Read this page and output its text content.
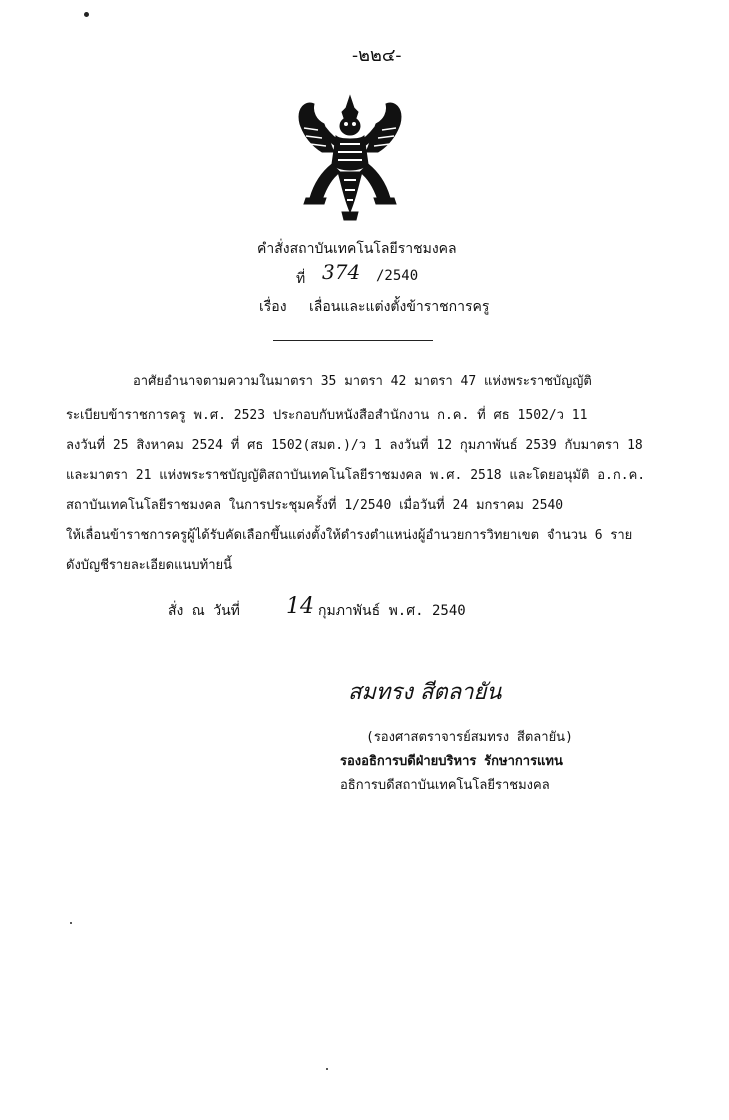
-๒๒๔-
คำสั่งสถาบันเทคโนโลยีราชมงคล
ที่ 374 /2540
เรื่อง เลื่อนและแต่งตั้งข้าราชการครู
อาศัยอำนาจตามความในมาตรา 35 มาตรา 42 มาตรา 47 แห่งพระราชบัญญัติ
ระเบียบข้าราชการครู พ.ศ. 2523 ประกอบกับหนังสือสำนักงาน ก.ค. ที่ ศธ 1502/ว 11
ลงวันที่ 25 สิงหาคม 2524 ที่ ศธ 1502(สมต.)/ว 1 ลงวันที่ 12 กุมภาพันธ์ 2539 กับมาตรา 18
และมาตรา 21 แห่งพระราชบัญญัติสถาบันเทคโนโลยีราชมงคล พ.ศ. 2518 และโดยอนุมัติ อ.ก.ค.
สถาบันเทคโนโลยีราชมงคล ในการประชุมครั้งที่ 1/2540 เมื่อวันที่ 24 มกราคม 2540
ให้เลื่อนข้าราชการครูผู้ได้รับคัดเลือกขึ้นแต่งตั้งให้ดำรงตำแหน่งผู้อำนวยการวิทยาเขต จำนวน 6 ราย
ดังบัญชีรายละเอียดแนบท้ายนี้
สั่ง ณ วันที่ 14 กุมภาพันธ์ พ.ศ. 2540
สมทรง สีตลายัน
(รองศาสตราจารย์สมทรง สีตลายัน)
รองอธิการบดีฝ่ายบริหาร รักษาการแทน
อธิการบดีสถาบันเทคโนโลยีราชมงคล
